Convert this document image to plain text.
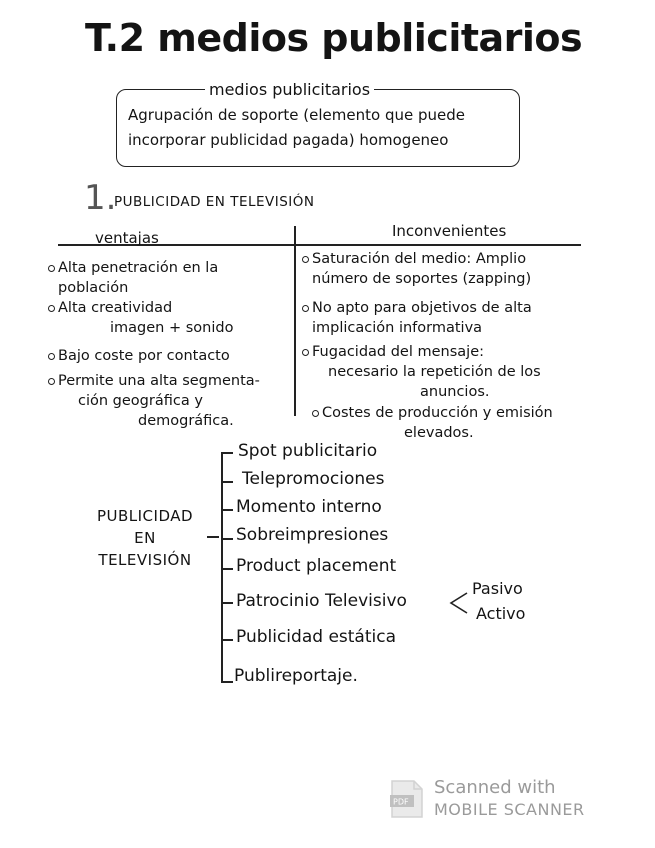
T.2 medios publicitarios
medios publicitarios
Agrupación de soporte (elemento que puede
incorporar publicidad pagada) homogeneo
1.
PUBLICIDAD EN TELEVISIÓN
ventajas	Inconvenientes
Alta penetración en la
población
Alta creatividad
imagen + sonido
Bajo coste por contacto
Permite una alta segmenta-
ción geográfica y
demográfica.
Saturación del medio: Amplio
número de soportes (zapping)
No apto para objetivos de alta
implicación informativa
Fugacidad del mensaje:
necesario la repetición de los
anuncios.
Costes de producción y emisión
elevados.
PUBLICIDAD
EN
TELEVISIÓN
Spot publicitario
Telepromociones
Momento interno
Sobreimpresiones
Product placement
Patrocinio Televisivo
Publicidad estática
Publireportaje.
Pasivo
Activo
PDF
Scanned with
MOBILE SCANNER
